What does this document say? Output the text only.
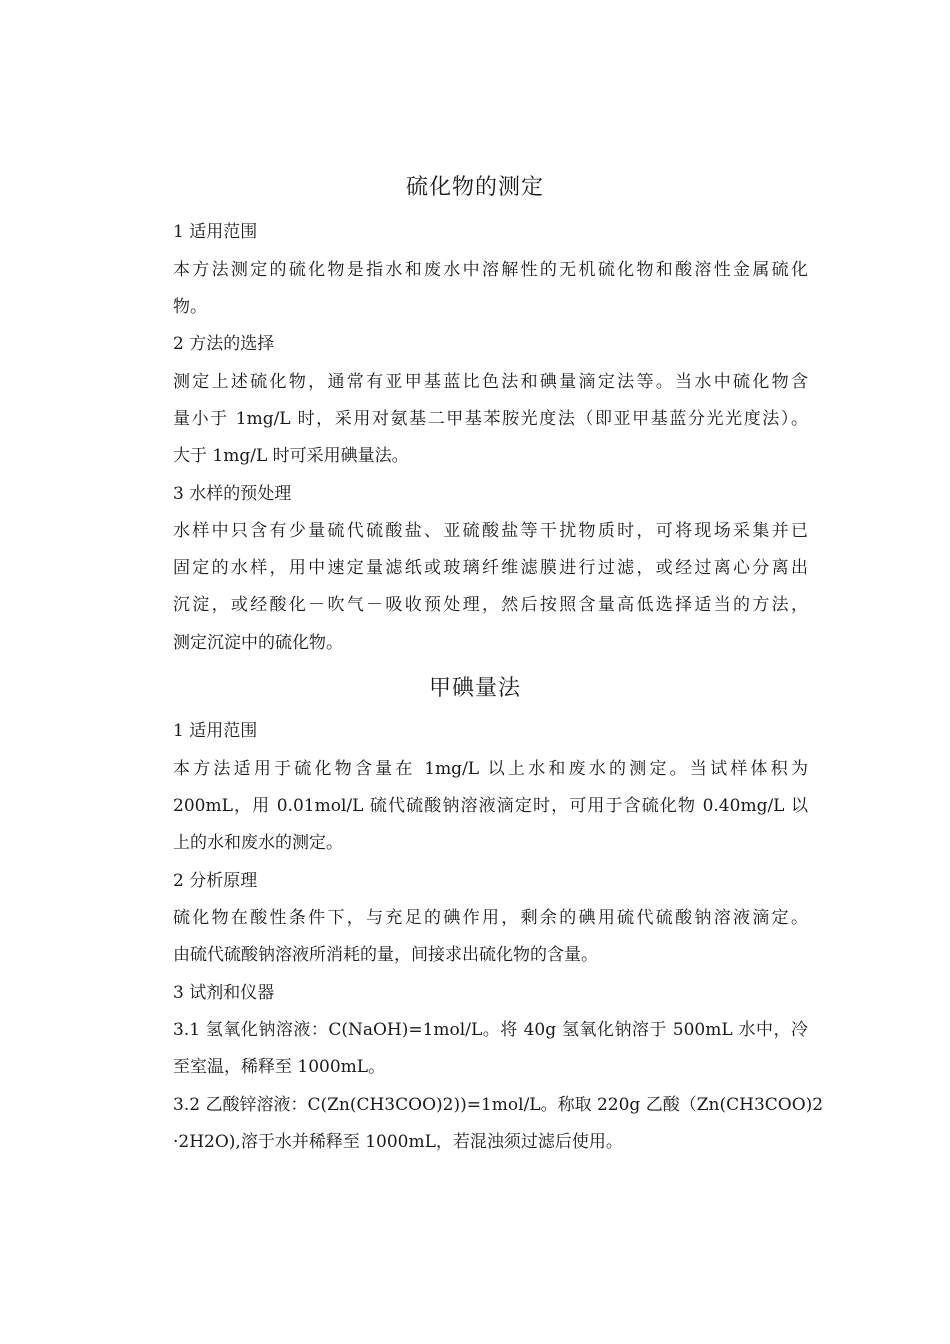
硫化物的测定
1 适用范围
本方法测定的硫化物是指水和废水中溶解性的无机硫化物和酸溶性金属硫化
物。
2 方法的选择
测定上述硫化物，通常有亚甲基蓝比色法和碘量滴定法等。当水中硫化物含
量小于 1mg/L 时，采用对氨基二甲基苯胺光度法（即亚甲基蓝分光光度法）。
大于 1mg/L 时可采用碘量法。
3 水样的预处理
水样中只含有少量硫代硫酸盐、亚硫酸盐等干扰物质时，可将现场采集并已
固定的水样，用中速定量滤纸或玻璃纤维滤膜进行过滤，或经过离心分离出
沉淀，或经酸化－吹气－吸收预处理，然后按照含量高低选择适当的方法，
测定沉淀中的硫化物。
甲碘量法
1 适用范围
本方法适用于硫化物含量在 1mg/L 以上水和废水的测定。当试样体积为
200mL，用 0.01mol/L 硫代硫酸钠溶液滴定时，可用于含硫化物 0.40mg/L 以
上的水和废水的测定。
2 分析原理
硫化物在酸性条件下，与充足的碘作用，剩余的碘用硫代硫酸钠溶液滴定。
由硫代硫酸钠溶液所消耗的量，间接求出硫化物的含量。
3 试剂和仪器
3.1 氢氧化钠溶液：C(NaOH)=1mol/L。将 40g 氢氧化钠溶于 500mL 水中，冷
至室温，稀释至 1000mL。
3.2 乙酸锌溶液：C(Zn(CH3COO)2))=1mol/L。称取 220g 乙酸（Zn(CH3COO)2
·2H2O),溶于水并稀释至 1000mL，若混浊须过滤后使用。
